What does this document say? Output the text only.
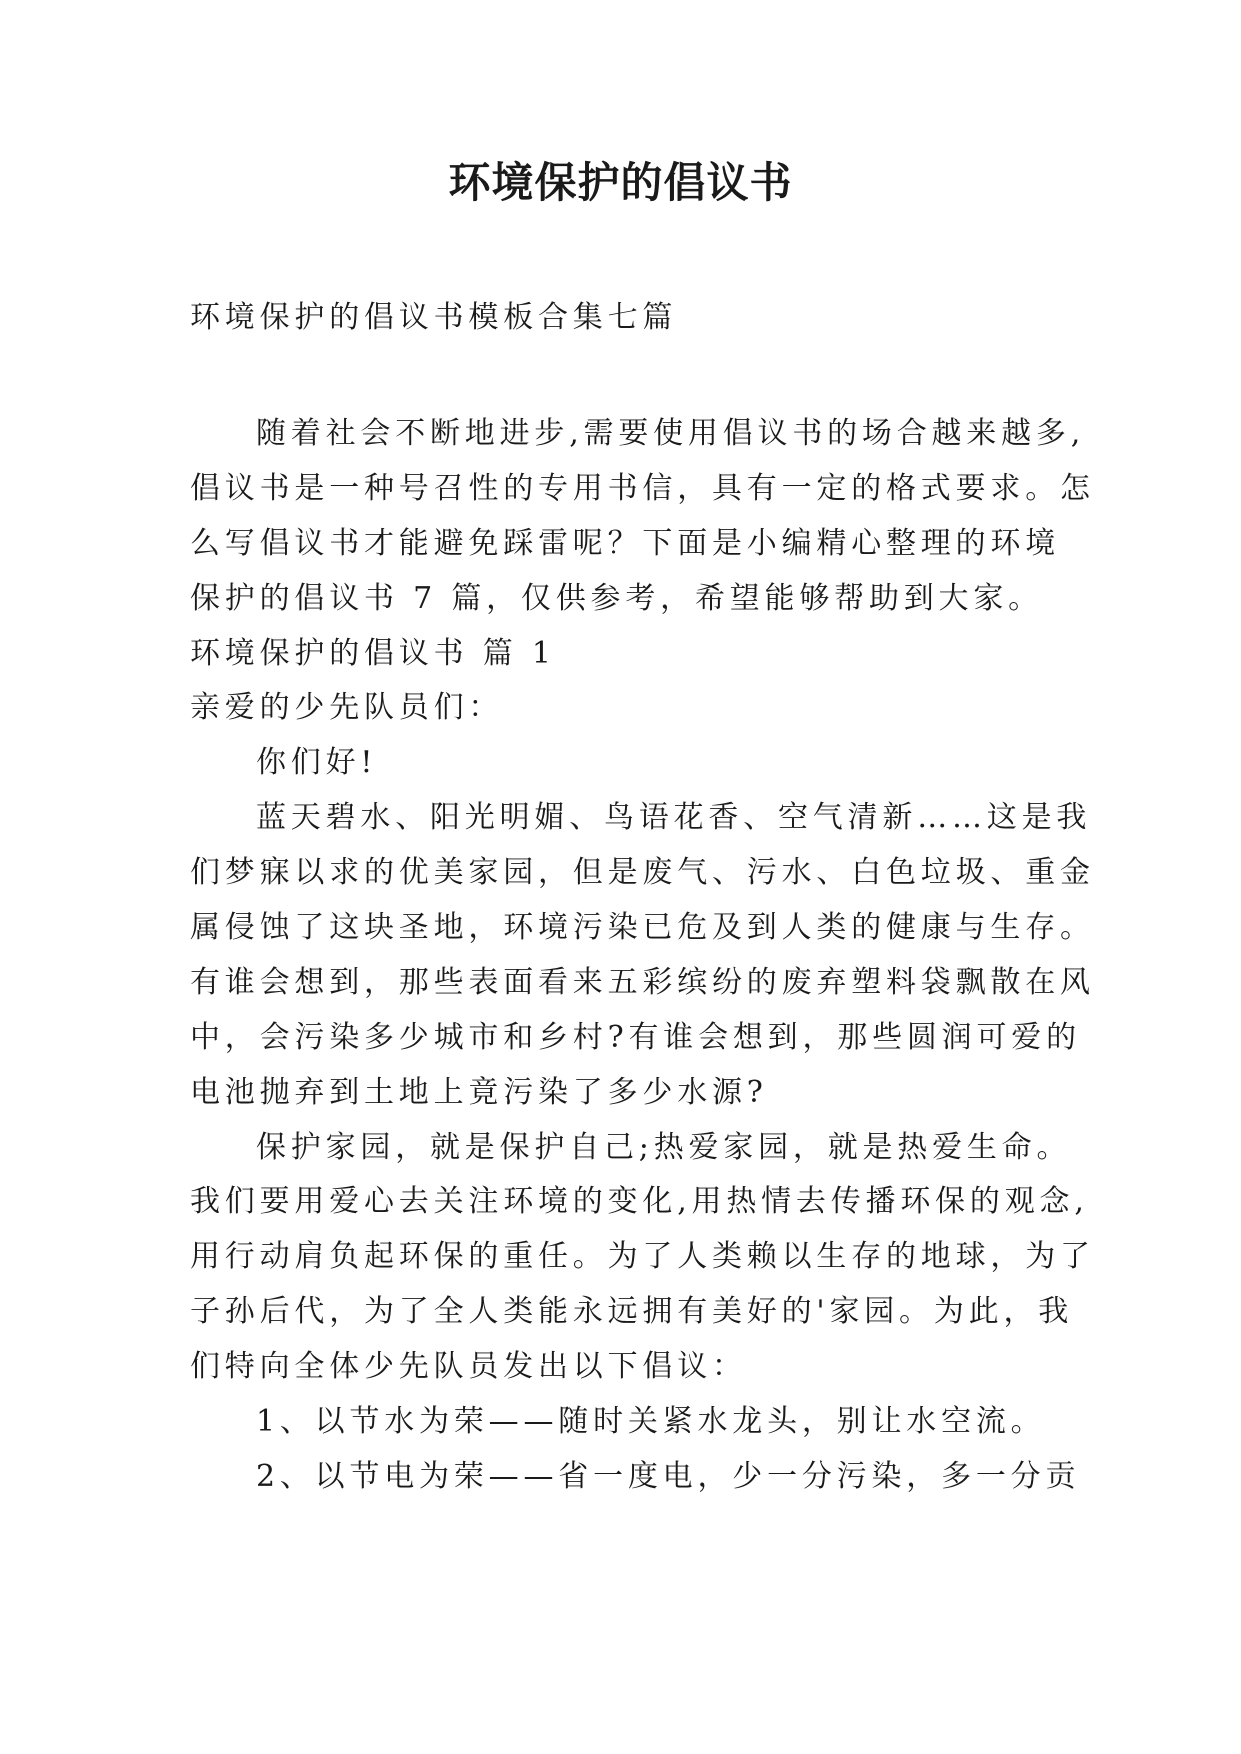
环境保护的倡议书
环境保护的倡议书模板合集七篇
随着社会不断地进步,需要使用倡议书的场合越来越多,
倡议书是一种号召性的专用书信，具有一定的格式要求。怎
么写倡议书才能避免踩雷呢？下面是小编精心整理的环境
保护的倡议书 7 篇，仅供参考，希望能够帮助到大家。
环境保护的倡议书 篇 1
亲爱的少先队员们：
你们好!
蓝天碧水、阳光明媚、鸟语花香、空气清新……这是我
们梦寐以求的优美家园，但是废气、污水、白色垃圾、重金
属侵蚀了这块圣地，环境污染已危及到人类的健康与生存。
有谁会想到，那些表面看来五彩缤纷的废弃塑料袋飘散在风
中，会污染多少城市和乡村?有谁会想到，那些圆润可爱的
电池抛弃到土地上竟污染了多少水源?
保护家园，就是保护自己;热爱家园，就是热爱生命。
我们要用爱心去关注环境的变化,用热情去传播环保的观念,
用行动肩负起环保的重任。为了人类赖以生存的地球，为了
子孙后代，为了全人类能永远拥有美好的'家园。为此，我
们特向全体少先队员发出以下倡议：
1、以节水为荣——随时关紧水龙头，别让水空流。
2、以节电为荣——省一度电，少一分污染，多一分贡
